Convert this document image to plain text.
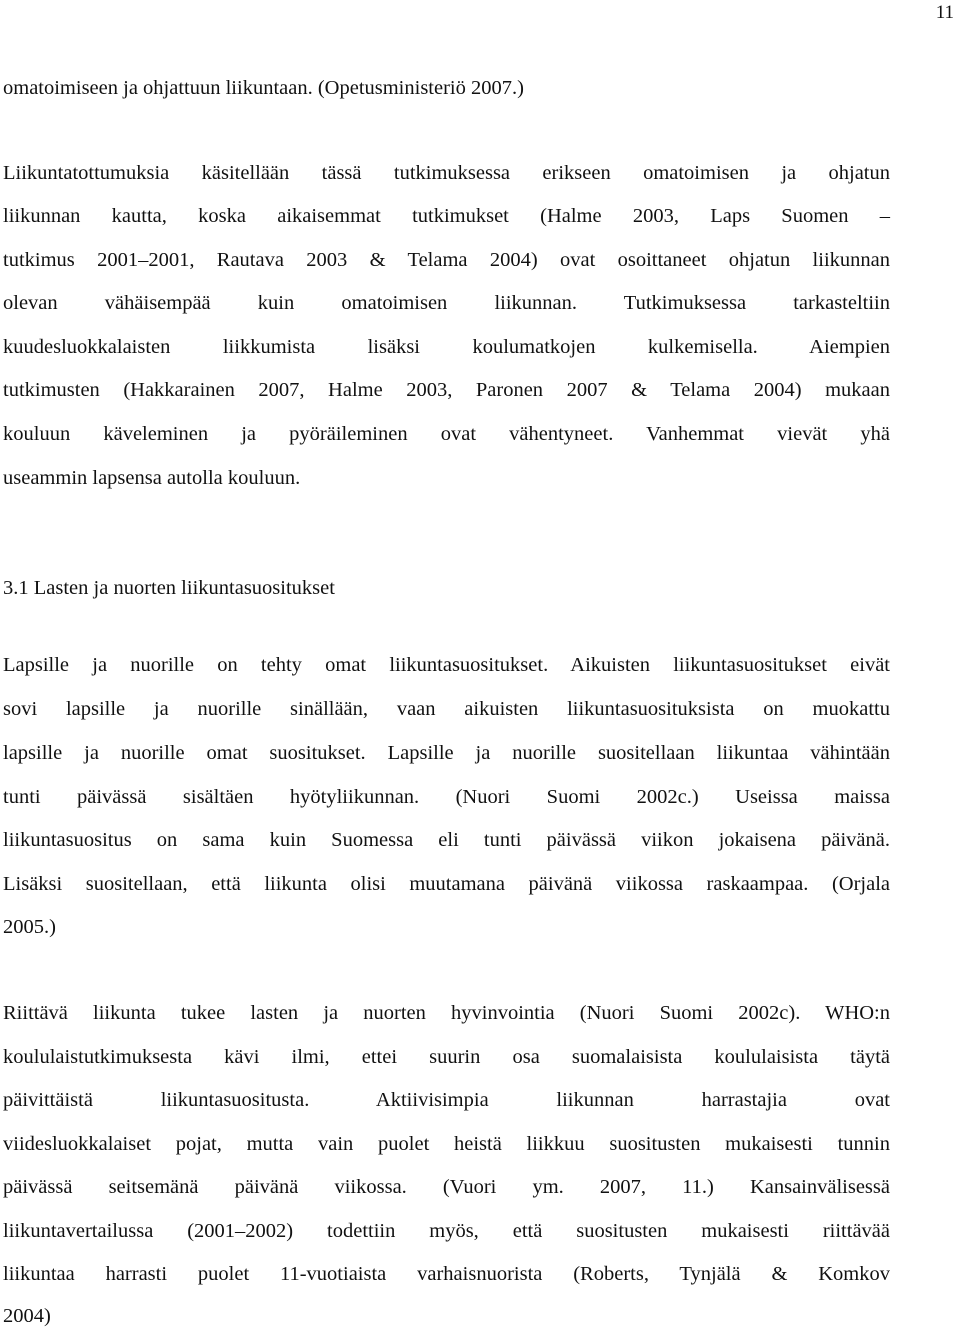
11
omatoimiseen ja ohjattuun liikuntaan. (Opetusministeriö 2007.)
Liikuntatottumuksia käsitellään tässä tutkimuksessa erikseen omatoimisen ja ohjatun
liikunnan kautta, koska aikaisemmat tutkimukset (Halme 2003, Laps Suomen –
tutkimus 2001–2001, Rautava 2003 & Telama 2004) ovat osoittaneet ohjatun liikunnan
olevan vähäisempää kuin omatoimisen liikunnan. Tutkimuksessa tarkasteltiin
kuudesluokkalaisten liikkumista lisäksi koulumatkojen kulkemisella. Aiempien
tutkimusten (Hakkarainen 2007, Halme 2003, Paronen 2007 & Telama 2004) mukaan
kouluun käveleminen ja pyöräileminen ovat vähentyneet. Vanhemmat vievät yhä
useammin lapsensa autolla kouluun.
3.1 Lasten ja nuorten liikuntasuositukset
Lapsille ja nuorille on tehty omat liikuntasuositukset. Aikuisten liikuntasuositukset eivät
sovi lapsille ja nuorille sinällään, vaan aikuisten liikuntasuosituksista on muokattu
lapsille ja nuorille omat suositukset. Lapsille ja nuorille suositellaan liikuntaa vähintään
tunti päivässä sisältäen hyötyliikunnan. (Nuori Suomi 2002c.) Useissa maissa
liikuntasuositus on sama kuin Suomessa eli tunti päivässä viikon jokaisena päivänä.
Lisäksi suositellaan, että liikunta olisi muutamana päivänä viikossa raskaampaa. (Orjala
2005.)
Riittävä liikunta tukee lasten ja nuorten hyvinvointia (Nuori Suomi 2002c). WHO:n
koululaistutkimuksesta kävi ilmi, ettei suurin osa suomalaisista koululaisista täytä
päivittäistä liikuntasuositusta. Aktiivisimpia liikunnan harrastajia ovat
viidesluokkalaiset pojat, mutta vain puolet heistä liikkuu suositusten mukaisesti tunnin
päivässä seitsemänä päivänä viikossa. (Vuori ym. 2007, 11.) Kansainvälisessä
liikuntavertailussa (2001–2002) todettiin myös, että suositusten mukaisesti riittävää
liikuntaa harrasti puolet 11-vuotiaista varhaisnuorista (Roberts, Tynjälä & Komkov
2004)
